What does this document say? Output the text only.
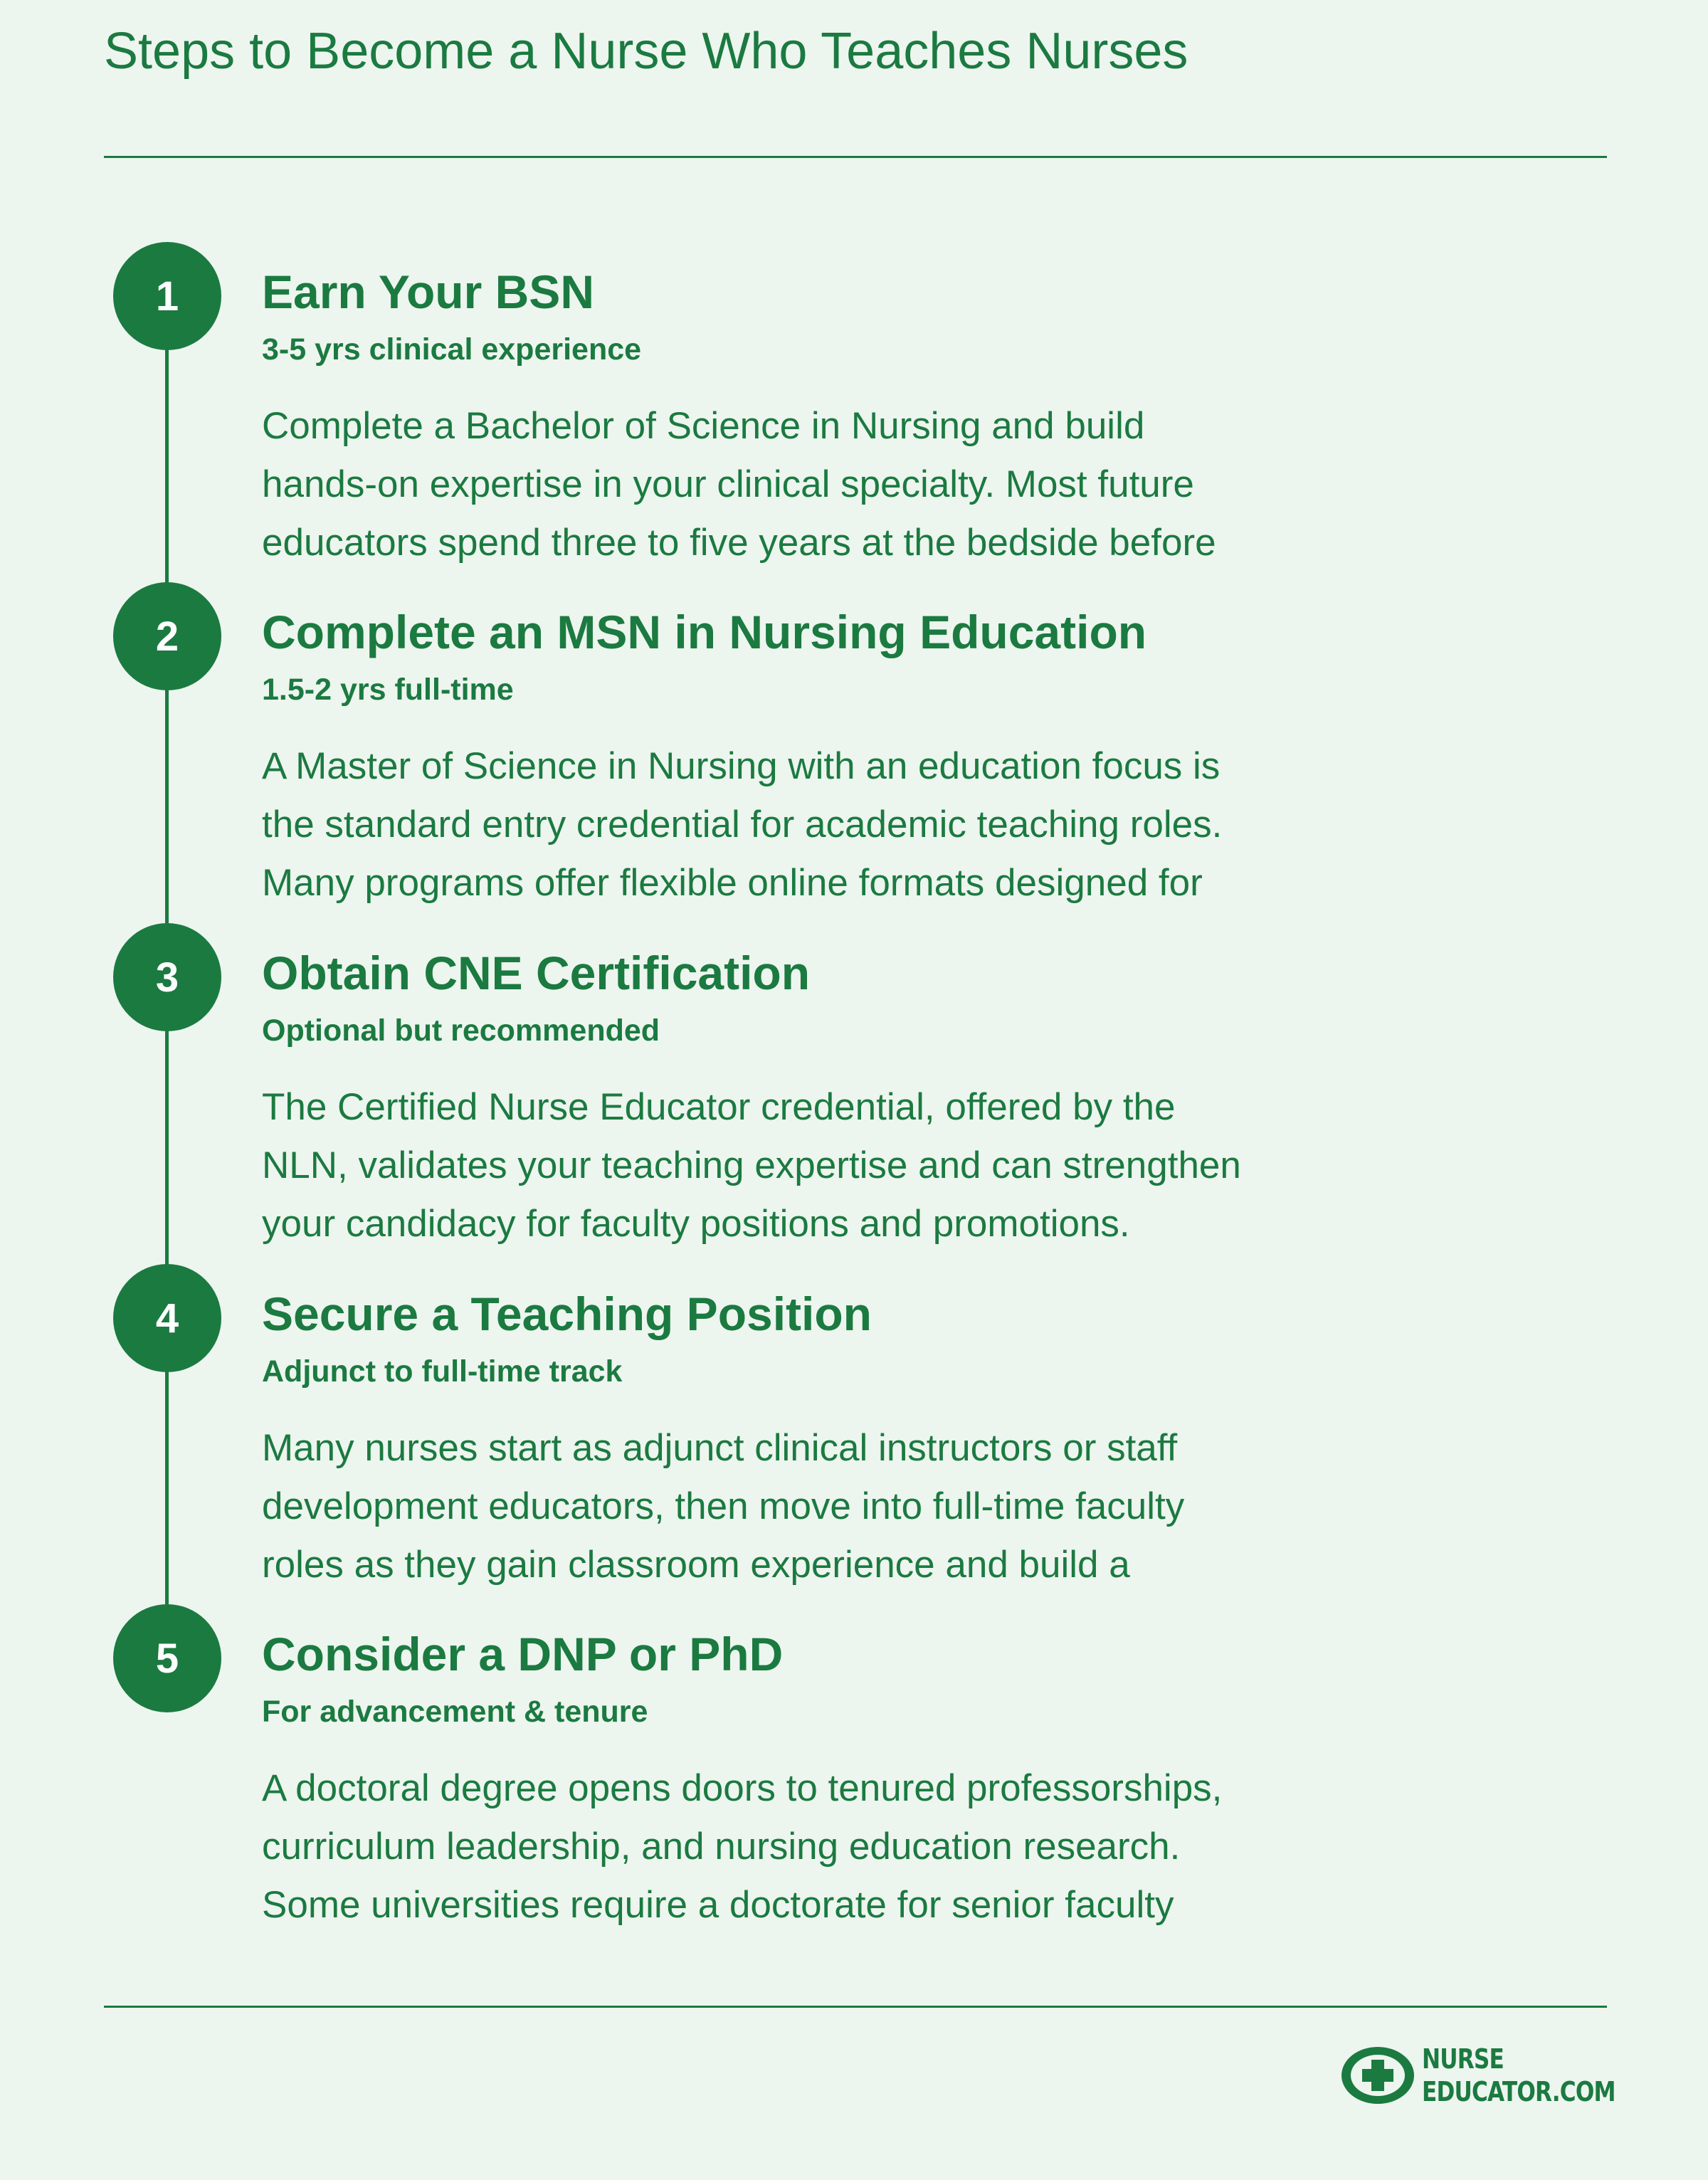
Steps to Become a Nurse Who Teaches Nurses
1	Earn Your BSN
3-5 yrs clinical experience
Complete a Bachelor of Science in Nursing and build
hands-on expertise in your clinical specialty. Most future
educators spend three to five years at the bedside before
2	Complete an MSN in Nursing Education
1.5-2 yrs full-time
A Master of Science in Nursing with an education focus is
the standard entry credential for academic teaching roles.
Many programs offer flexible online formats designed for
3	Obtain CNE Certification
Optional but recommended
The Certified Nurse Educator credential, offered by the
NLN, validates your teaching expertise and can strengthen
your candidacy for faculty positions and promotions.
4	Secure a Teaching Position
Adjunct to full-time track
Many nurses start as adjunct clinical instructors or staff
development educators, then move into full-time faculty
roles as they gain classroom experience and build a
5	Consider a DNP or PhD
For advancement & tenure
A doctoral degree opens doors to tenured professorships,
curriculum leadership, and nursing education research.
Some universities require a doctorate for senior faculty
NURSE
EDUCATOR.COM
